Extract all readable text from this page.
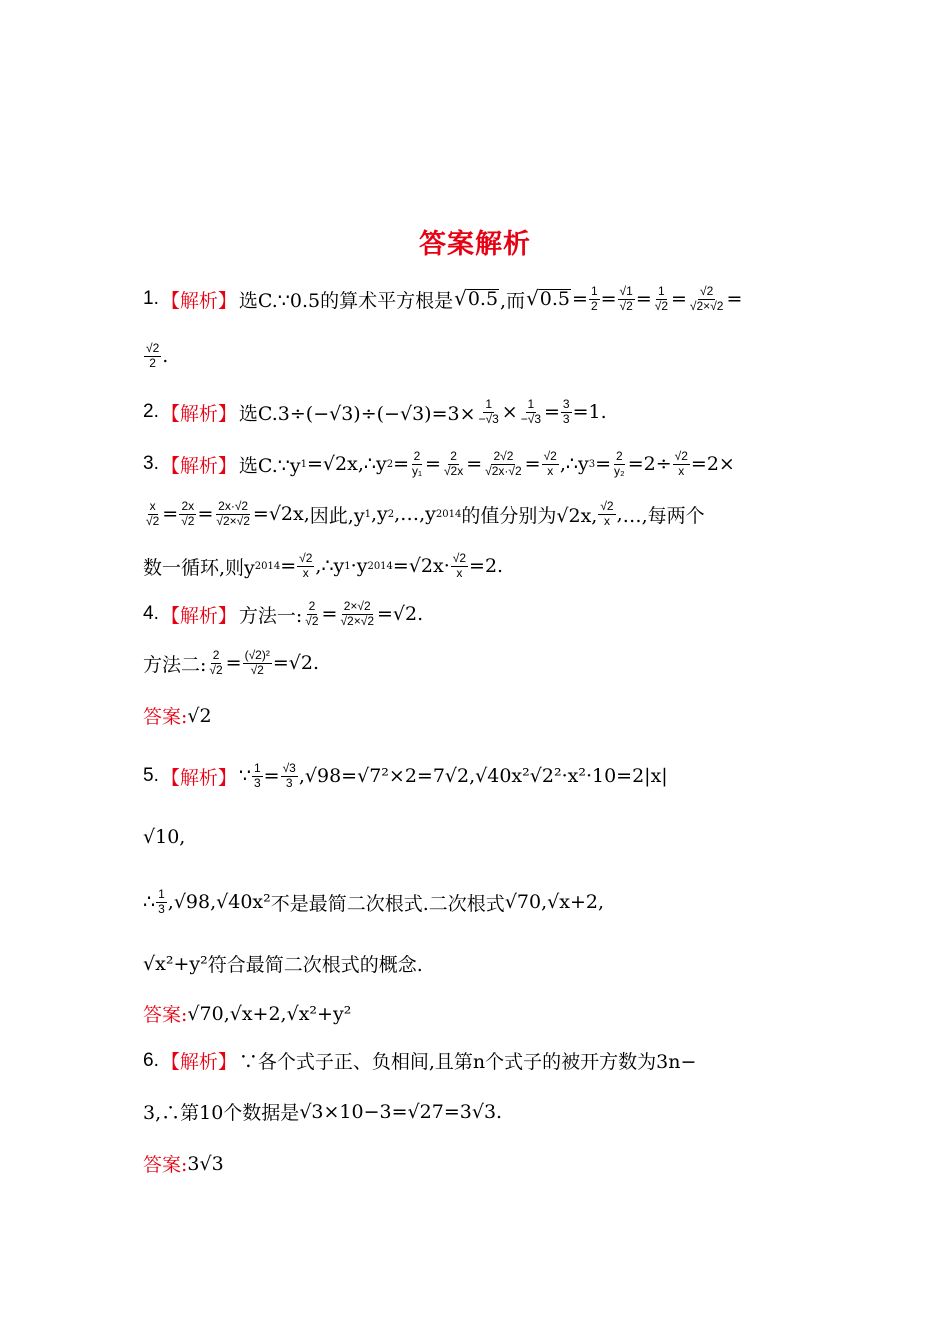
答案解析
1. 【解析】 选C.∵0.5的算术平方根是 √ 0.5 ,而 √ $0.5 = \frac{1}{2} = √1$
√2 = 1
√2 = √2
√2×√2 =
√2
2 .
2. 【解析】 选$C.3\div(-√3)\div(-√3)=3\times \frac{1}{-√3} \times 1$
$-√3 = \frac{3}{3} =1$.
3. 【解析】 选C.∵y 1 =√2x,∴y 2 = 2
y₁ = 2
√2x = 2√2
√2x·√2 = √2
x ,∴y 3 = 2
y₂ =2÷ √2
x =2×
x
√2 = 2x
√2 = 2x·√2
√2×√2 =√2x, 因此,y 1 ,y 2 ,…,y 2014 的值分别为√2x, √2
x , …,每两个
数一循环,则y 2014 = √2
x ,∴y 1 ·y $2014 =√2x\cdot \frac{√2}{x} =2$.
4. 【解析】 方法一: 2
√2 = 2×√2
√2×√2 =√2.
方法二: 2
√2 = (√2)²
√2 =√2.
答案: √2
5. 【解析】 ∵ 1
3 = √3
3 ,√98=√7²×2=7√2,√40x²√2²·x²·10=2|x|
√10,
∴ 1
3 ,√98,√40x² 不是最简二次根式.二次根式 √70,√x+2,
√x²+y² 符合最简二次根式的概念.
答案: √70,√x+2,√x²+y²
6. 【解析】 ∵各个式子正、负相间,且第n个式子的被开方数为3n−
3,∴第10个数据是 √3×10−3=√27 =3√3.
答案: 3√3
